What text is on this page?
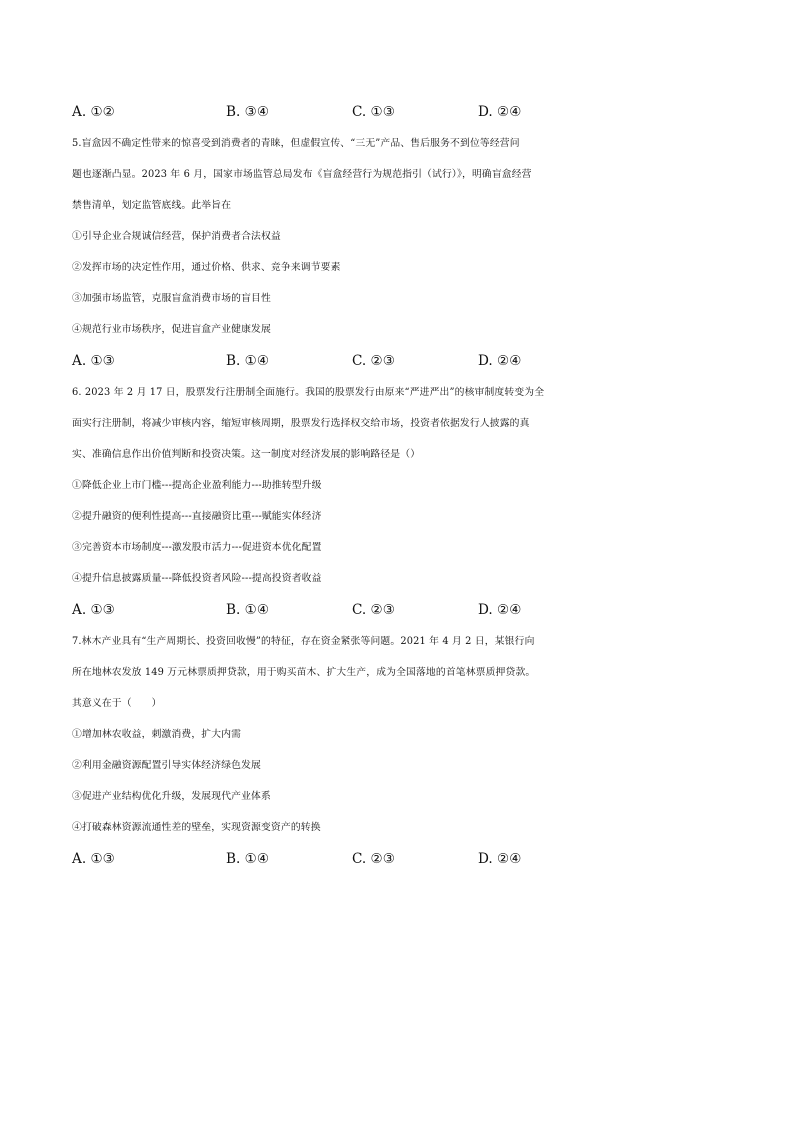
A. ①②	B. ③④	C. ①③	D. ②④
5.盲盒因不确定性带来的惊喜受到消费者的青睐，但虚假宣传、“三无”产品、售后服务不到位等经营问
题也逐渐凸显。2023 年 6 月，国家市场监管总局发布《盲盒经营行为规范指引（试行）》，明确盲盒经营
禁售清单，划定监管底线。此举旨在
①引导企业合规诚信经营，保护消费者合法权益
②发挥市场的决定性作用，通过价格、供求、竞争来调节要素
③加强市场监管，克服盲盒消费市场的盲目性
④规范行业市场秩序，促进盲盒产业健康发展
A. ①③	B. ①④	C. ②③	D. ②④
6. 2023 年 2 月 17 日，股票发行注册制全面施行。我国的股票发行由原来“严进严出”的核审制度转变为全
面实行注册制，将减少审核内容，缩短审核周期，股票发行选择权交给市场，投资者依据发行人披露的真
实、准确信息作出价值判断和投资决策。这一制度对经济发展的影响路径是（）
①降低企业上市门槛---提高企业盈利能力---助推转型升级
②提升融资的便利性提高---直接融资比重---赋能实体经济
③完善资本市场制度---激发股市活力---促进资本优化配置
④提升信息披露质量---降低投资者风险---提高投资者收益
A. ①③	B. ①④	C. ②③	D. ②④
7.林木产业具有“生产周期长、投资回收慢”的特征，存在资金紧张等问题。2021 年 4 月 2 日，某银行向
所在地林农发放 149 万元林票质押贷款，用于购买苗木、扩大生产，成为全国落地的首笔林票质押贷款。
其意义在于（　　）
①增加林农收益，刺激消费，扩大内需
②利用金融资源配置引导实体经济绿色发展
③促进产业结构优化升级，发展现代产业体系
④打破森林资源流通性差的壁垒，实现资源变资产的转换
A. ①③	B. ①④	C. ②③	D. ②④
